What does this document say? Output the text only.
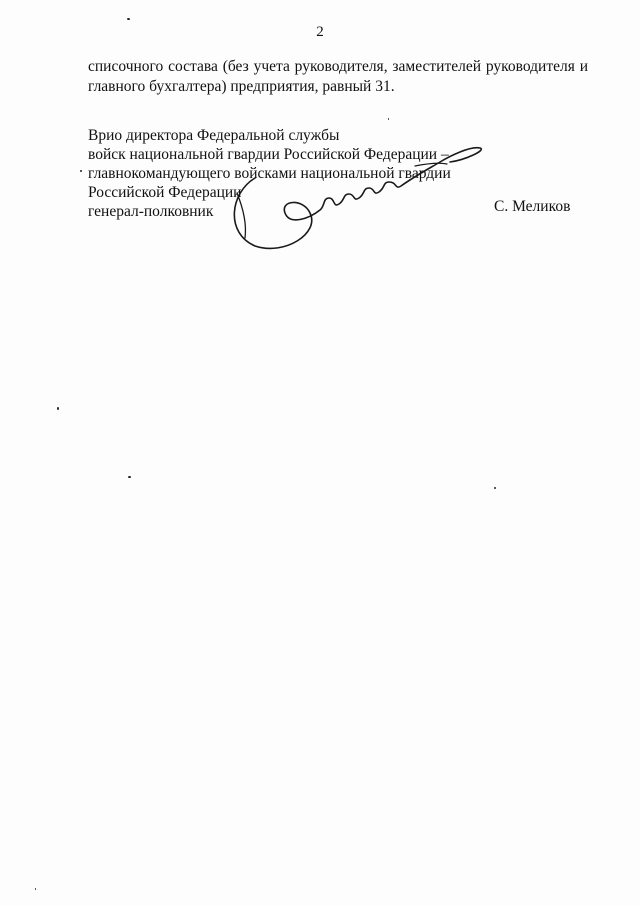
2
списочного состава (без учета руководителя, заместителей руководителя и
главного бухгалтера) предприятия, равный 31.
Врио директора Федеральной службы
войск национальной гвардии Российской Федерации –
главнокомандующего войсками национальной гвардии
Российской Федерации
генерал-полковник	С. Меликов
